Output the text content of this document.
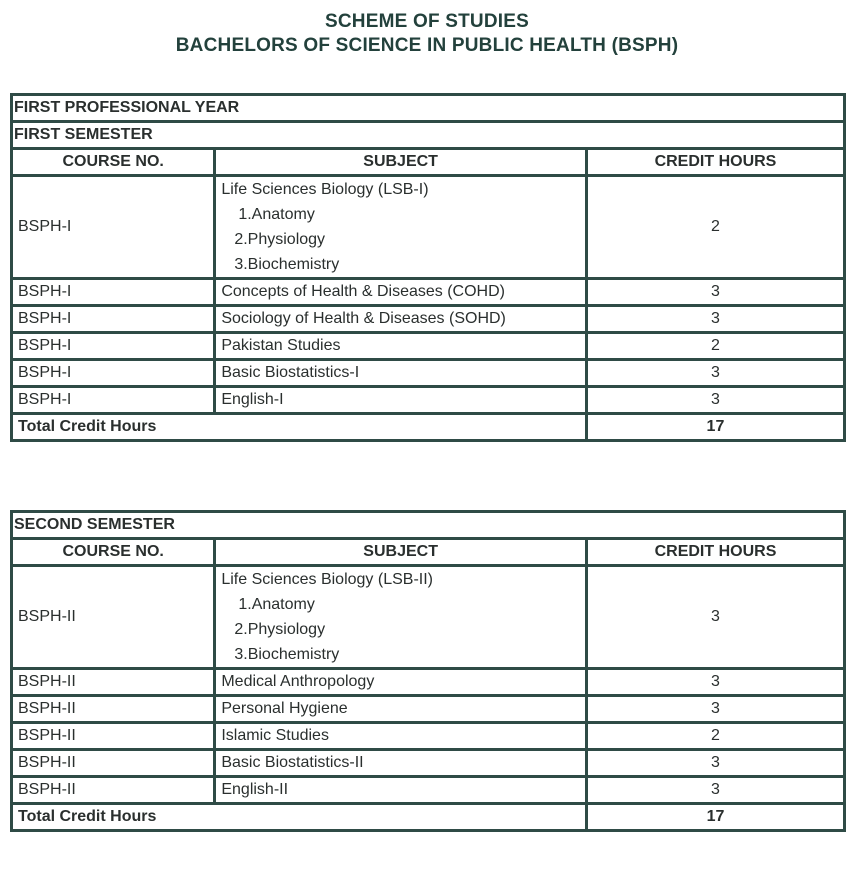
SCHEME OF STUDIES
BACHELORS OF SCIENCE IN PUBLIC HEALTH (BSPH)
FIRST PROFESSIONAL YEAR		
FIRST SEMESTER		
COURSE NO.	SUBJECT	CREDIT HOURS
BSPH-I	Life Sciences Biology (LSB-I)
1.Anatomy
2.Physiology
3.Biochemistry	2
BSPH-I	Concepts of Health & Diseases (COHD)	3
BSPH-I	Sociology of Health & Diseases (SOHD)	3
BSPH-I	Pakistan Studies	2
BSPH-I	Basic Biostatistics-I	3
BSPH-I	English-I	3
Total Credit Hours		17
SECOND SEMESTER		
COURSE NO.	SUBJECT	CREDIT HOURS
BSPH-II	Life Sciences Biology (LSB-II)
1.Anatomy
2.Physiology
3.Biochemistry	3
BSPH-II	Medical Anthropology	3
BSPH-II	Personal Hygiene	3
BSPH-II	Islamic Studies	2
BSPH-II	Basic Biostatistics-II	3
BSPH-II	English-II	3
Total Credit Hours		17
